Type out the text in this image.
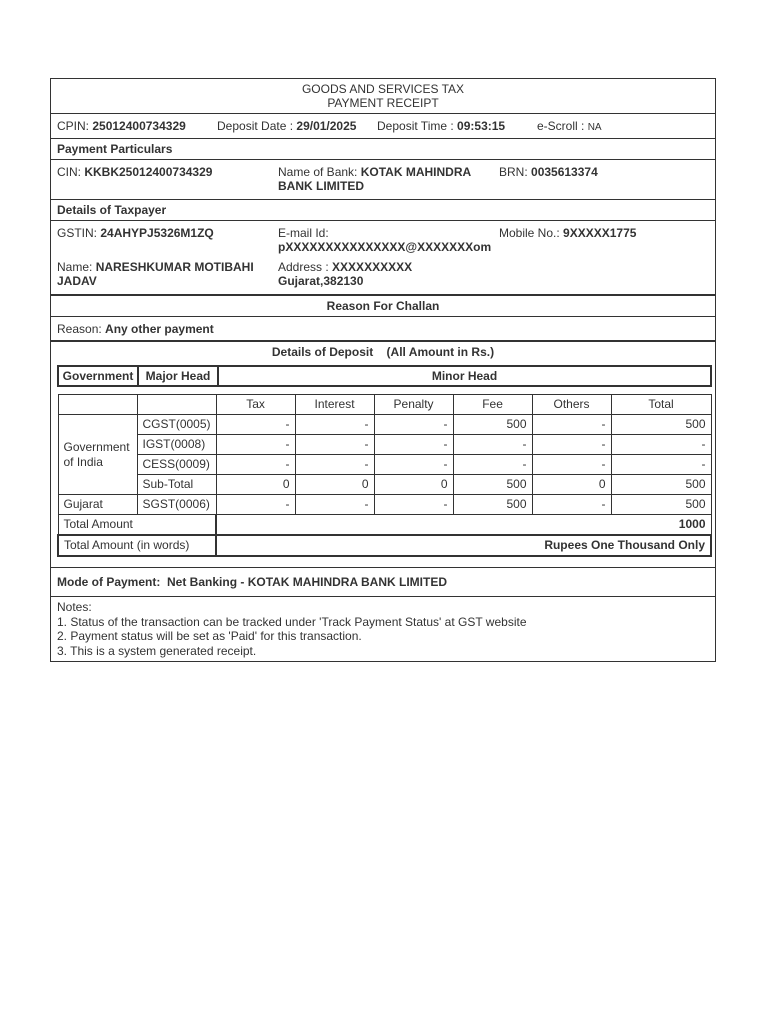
GOODS AND SERVICES TAX
PAYMENT RECEIPT
CPIN: 25012400734329	Deposit Date : 29/01/2025	Deposit Time : 09:53:15	e-Scroll : NA
Payment Particulars
CIN: KKBK25012400734329	Name of Bank: KOTAK MAHINDRA
BANK LIMITED
BRN: 0035613374
Details of Taxpayer
GSTIN: 24AHYPJ5326M1ZQ	E-mail Id:
pXXXXXXXXXXXXXXX@XXXXXXXom
Mobile No.: 9XXXXX1775
Name: NARESHKUMAR MOTIBAHI
JADAV
Address : XXXXXXXXXX
Gujarat,382130
Reason For Challan
Reason: Any other payment
Details of Deposit    (All Amount in Rs.)
Government	Major Head	Minor Head
		Tax	Interest	Penalty	Fee	Others	Total
Government of India	CGST(0005)	-	-	-	500	-	500
	IGST(0008)	-	-	-	-	-	-
	CESS(0009)	-	-	-	-	-	-
	Sub-Total	0	0	0	500	0	500
Gujarat	SGST(0006)	-	-	-	500	-	500
Total Amount		1000					
Total Amount (in words)		Rupees One Thousand Only					
Mode of Payment: Net Banking - KOTAK MAHINDRA BANK LIMITED
Notes:
1. Status of the transaction can be tracked under 'Track Payment Status' at GST website
2. Payment status will be set as 'Paid' for this transaction.
3. This is a system generated receipt.
